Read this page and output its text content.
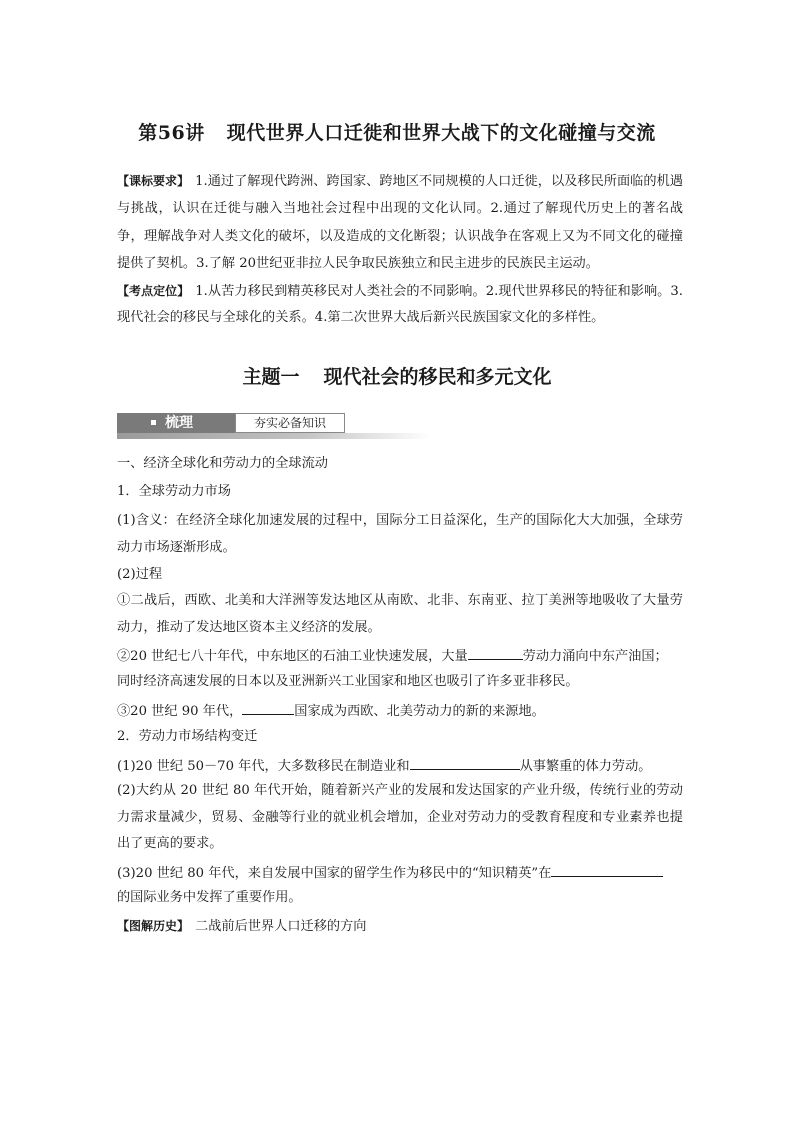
第56讲 现代世界人口迁徙和世界大战下的文化碰撞与交流
【课标要求】 1.通过了解现代跨洲、跨国家、跨地区不同规模的人口迁徙，以及移民所面临的机遇与挑战，认识在迁徙与融入当地社会过程中出现的文化认同。2.通过了解现代历史上的著名战争，理解战争对人类文化的破坏，以及造成的文化断裂；认识战争在客观上又为不同文化的碰撞提供了契机。3.了解 20世纪亚非拉人民争取民族独立和民主进步的民族民主运动。
【考点定位】 1.从苦力移民到精英移民对人类社会的不同影响。2.现代世界移民的特征和影响。3.现代社会的移民与全球化的关系。4.第二次世界大战后新兴民族国家文化的多样性。
主题一 现代社会的移民和多元文化
梳理	夯实必备知识
一、经济全球化和劳动力的全球流动
1．全球劳动力市场
(1)含义：在经济全球化加速发展的过程中，国际分工日益深化，生产的国际化大大加强，全球劳动力市场逐渐形成。
(2)过程
①二战后，西欧、北美和大洋洲等发达地区从南欧、北非、东南亚、拉丁美洲等地吸收了大量劳动力，推动了发达地区资本主义经济的发展。
②20 世纪七八十年代，中东地区的石油工业快速发展，大量	劳动力涌向中东产油国；
同时经济高速发展的日本以及亚洲新兴工业国家和地区也吸引了许多亚非移民。
③20 世纪 90 年代，	国家成为西欧、北美劳动力的新的来源地。
2．劳动力市场结构变迁
(1)20 世纪 50－70 年代，大多数移民在制造业和	从事繁重的体力劳动。
(2)大约从 20 世纪 80 年代开始，随着新兴产业的发展和发达国家的产业升级，传统行业的劳动力需求量减少，贸易、金融等行业的就业机会增加，企业对劳动力的受教育程度和专业素养也提出了更高的要求。
(3)20 世纪 80 年代，来自发展中国家的留学生作为移民中的“知识精英”在
的国际业务中发挥了重要作用。
【图解历史】 二战前后世界人口迁移的方向
